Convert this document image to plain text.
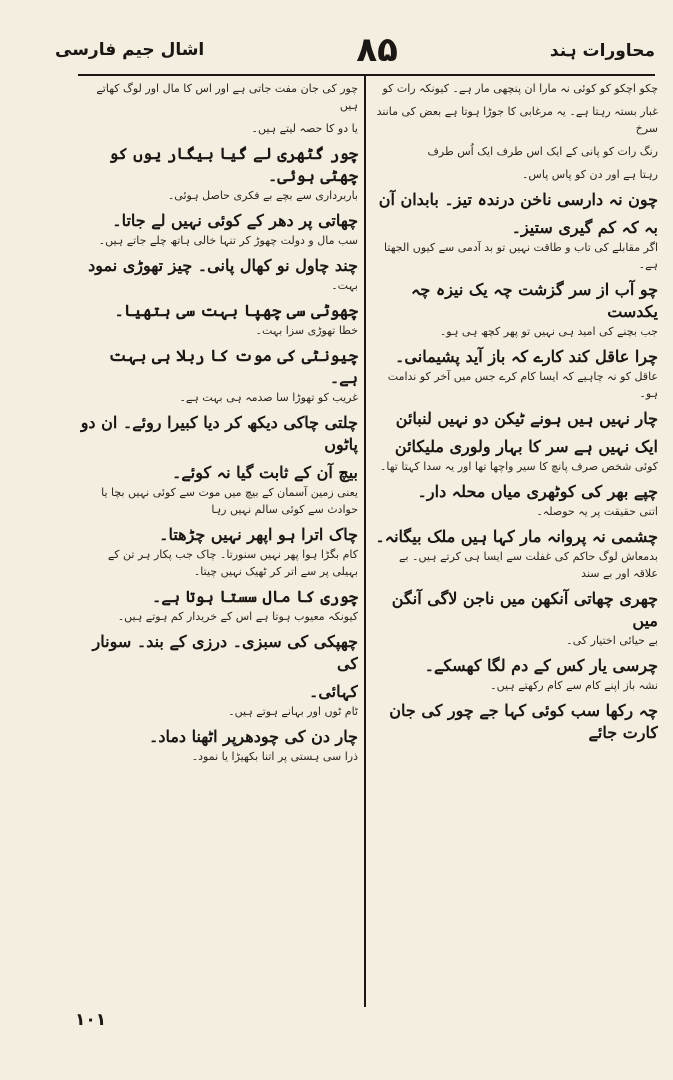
اشال جیم فارسی	۸۵	محاورات ہند

چکو اچکو کو کوئی نہ مارا ان پنچھی مار ہے۔ کیونکہ رات کو

غبار بستہ رہتا ہے۔ یہ مرغابی کا جوڑا ہوتا ہے بعض کی مانند سرخ

رنگ رات کو پانی کے ایک اس طرف ایک اُس طرف

رہتا ہے اور دن کو پاس پاس۔

چون نہ دارسی ناخن درندہ تیز۔ بابدان آن

بہ کہ کم گیری ستیز۔

اگر مقابلے کی تاب و طاقت نہیں تو بد آدمی سے کیوں الجھتا ہے۔

چو آب از سر گزشت چہ یک نیزہ چہ یکدست

جب بچنے کی امید ہی نہیں تو پھر کچھ ہی ہو۔

چرا عاقل کند کارے کہ باز آید پشیمانی۔

عاقل کو نہ چاہیے کہ ایسا کام کرے جس میں آخر کو ندامت ہو۔

چار نہیں ہیں ہونے ٹیکن دو نہیں لنبائن

ایک نہیں ہے سر کا بہار ولوری ملیکائن

کوئی شخص صرف پانچ کا سیر واچھا تھا اور یہ سدا کہتا تھا۔

چپے بھر کی کوٹھری میاں محلہ دار۔

اتنی حقیقت پر یہ حوصلہ۔

چشمی نہ پروانہ مار کہا ہیں ملک بیگانہ۔

بدمعاش لوگ حاکم کی غفلت سے ایسا ہی کرتے ہیں۔ بے علاقہ اور بے سند

چھری چھاتی آنکھن میں ناجن لاگی آنگن میں

بے حیائی اختیار کی۔

چرسی یار کس کے دم لگا کھسکے۔

نشہ باز اپنے کام سے کام رکھتے ہیں۔

چہ رکھا سب کوئی کہا جے چور کی جان کارت جائے

چور کی جان مفت جاتی ہے اور اس کا مال اور لوگ کھاتے ہیں

یا دو کا حصہ لیتے ہیں۔

چور گٹھری لے گیا بیگار یوں کو چھٹی ہوئی۔

باربرداری سے بچے بے فکری حاصل ہوئی۔

چھاتی پر دھر کے کوئی نہیں لے جاتا۔

سب مال و دولت چھوڑ کر تنہا خالی ہاتھ چلے جاتے ہیں۔

چند چاول نو کھال پانی۔ چیز تھوڑی نمود

بہت۔

چھوٹی سی چھپا بہت سی ہتھیا۔

خطا تھوڑی سزا بہت۔

چیونٹی کی موت کا ربلا ہی بہت ہے۔

غریب کو تھوڑا سا صدمہ ہی بہت ہے۔

چلتی چاکی دیکھ کر دیا کبیرا روئے۔ ان دو پاٹوں

بیچ آن کے ثابت گیا نہ کوئے۔

یعنی زمین آسمان کے بیچ میں موت سے کوئی نہیں بچا یا حوادث سے کوئی سالم نہیں رہا

چاک اترا ہو اپھر نہیں چڑھتا۔

کام بگڑا ہوا پھر نہیں سنورتا۔ چاک جب پکار ہر تن کے بہیلی پر سے اتر کر ٹھیک نہیں چیتا۔

چوری کا مال سستا ہوتا ہے۔

کیونکہ معیوب ہوتا ہے اس کے خریدار کم ہوتے ہیں۔

چھپکی کی سبزی۔ درزی کے بند۔ سونار کی

کہائی۔

ٹام ٹوں اور بہانے ہوتے ہیں۔

چار دن کی چودھرپر اٹھنا دماد۔

ذرا سی ہستی پر اتنا بکھیڑا یا نمود۔

۱۰۱
